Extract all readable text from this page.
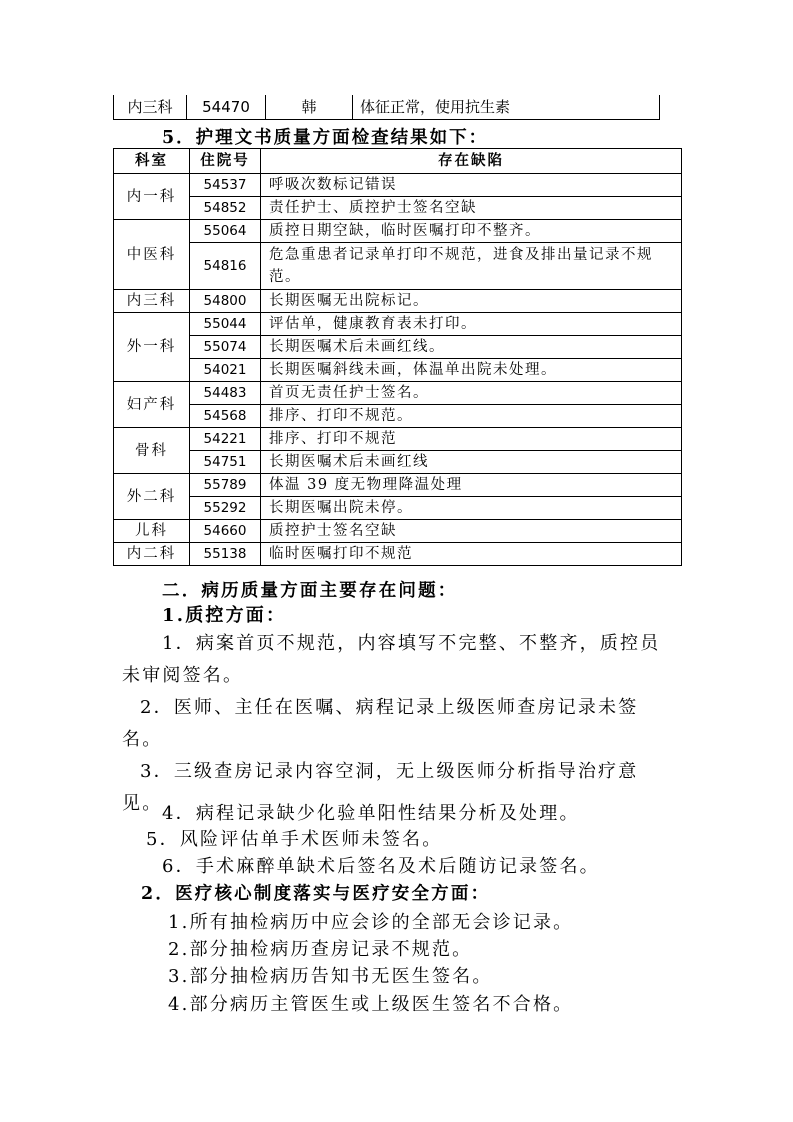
内三科	54470	韩	体征正常，使用抗生素
5．护理文书质量方面检查结果如下：
科室	住院号	存在缺陷
内一科	54537	呼吸次数标记错误
	54852	责任护士、质控护士签名空缺
中医科	55064	质控日期空缺，临时医嘱打印不整齐。
	54816	危急重患者记录单打印不规范，进食及排出量记录不规范。
内三科	54800	长期医嘱无出院标记。
外一科	55044	评估单，健康教育表未打印。
	55074	长期医嘱术后未画红线。
	54021	长期医嘱斜线未画，体温单出院未处理。
妇产科	54483	首页无责任护士签名。
	54568	排序、打印不规范。
骨科	54221	排序、打印不规范
	54751	长期医嘱术后未画红线
外二科	55789	体温 39 度无物理降温处理
	55292	长期医嘱出院未停。
儿科	54660	质控护士签名空缺
内二科	55138	临时医嘱打印不规范
二．病历质量方面主要存在问题：
1.质控方面：
1．病案首页不规范，内容填写不完整、不整齐，质控员未审阅签名。
2．医师、主任在医嘱、病程记录上级医师查房记录未签名。
3．三级查房记录内容空洞，无上级医师分析指导治疗意见。 4．病程记录缺少化验单阳性结果分析及处理。
5．风险评估单手术医师未签名。
6．手术麻醉单缺术后签名及术后随访记录签名。
2．医疗核心制度落实与医疗安全方面：
1.所有抽检病历中应会诊的全部无会诊记录。
2.部分抽检病历查房记录不规范。
3.部分抽检病历告知书无医生签名。
4.部分病历主管医生或上级医生签名不合格。
